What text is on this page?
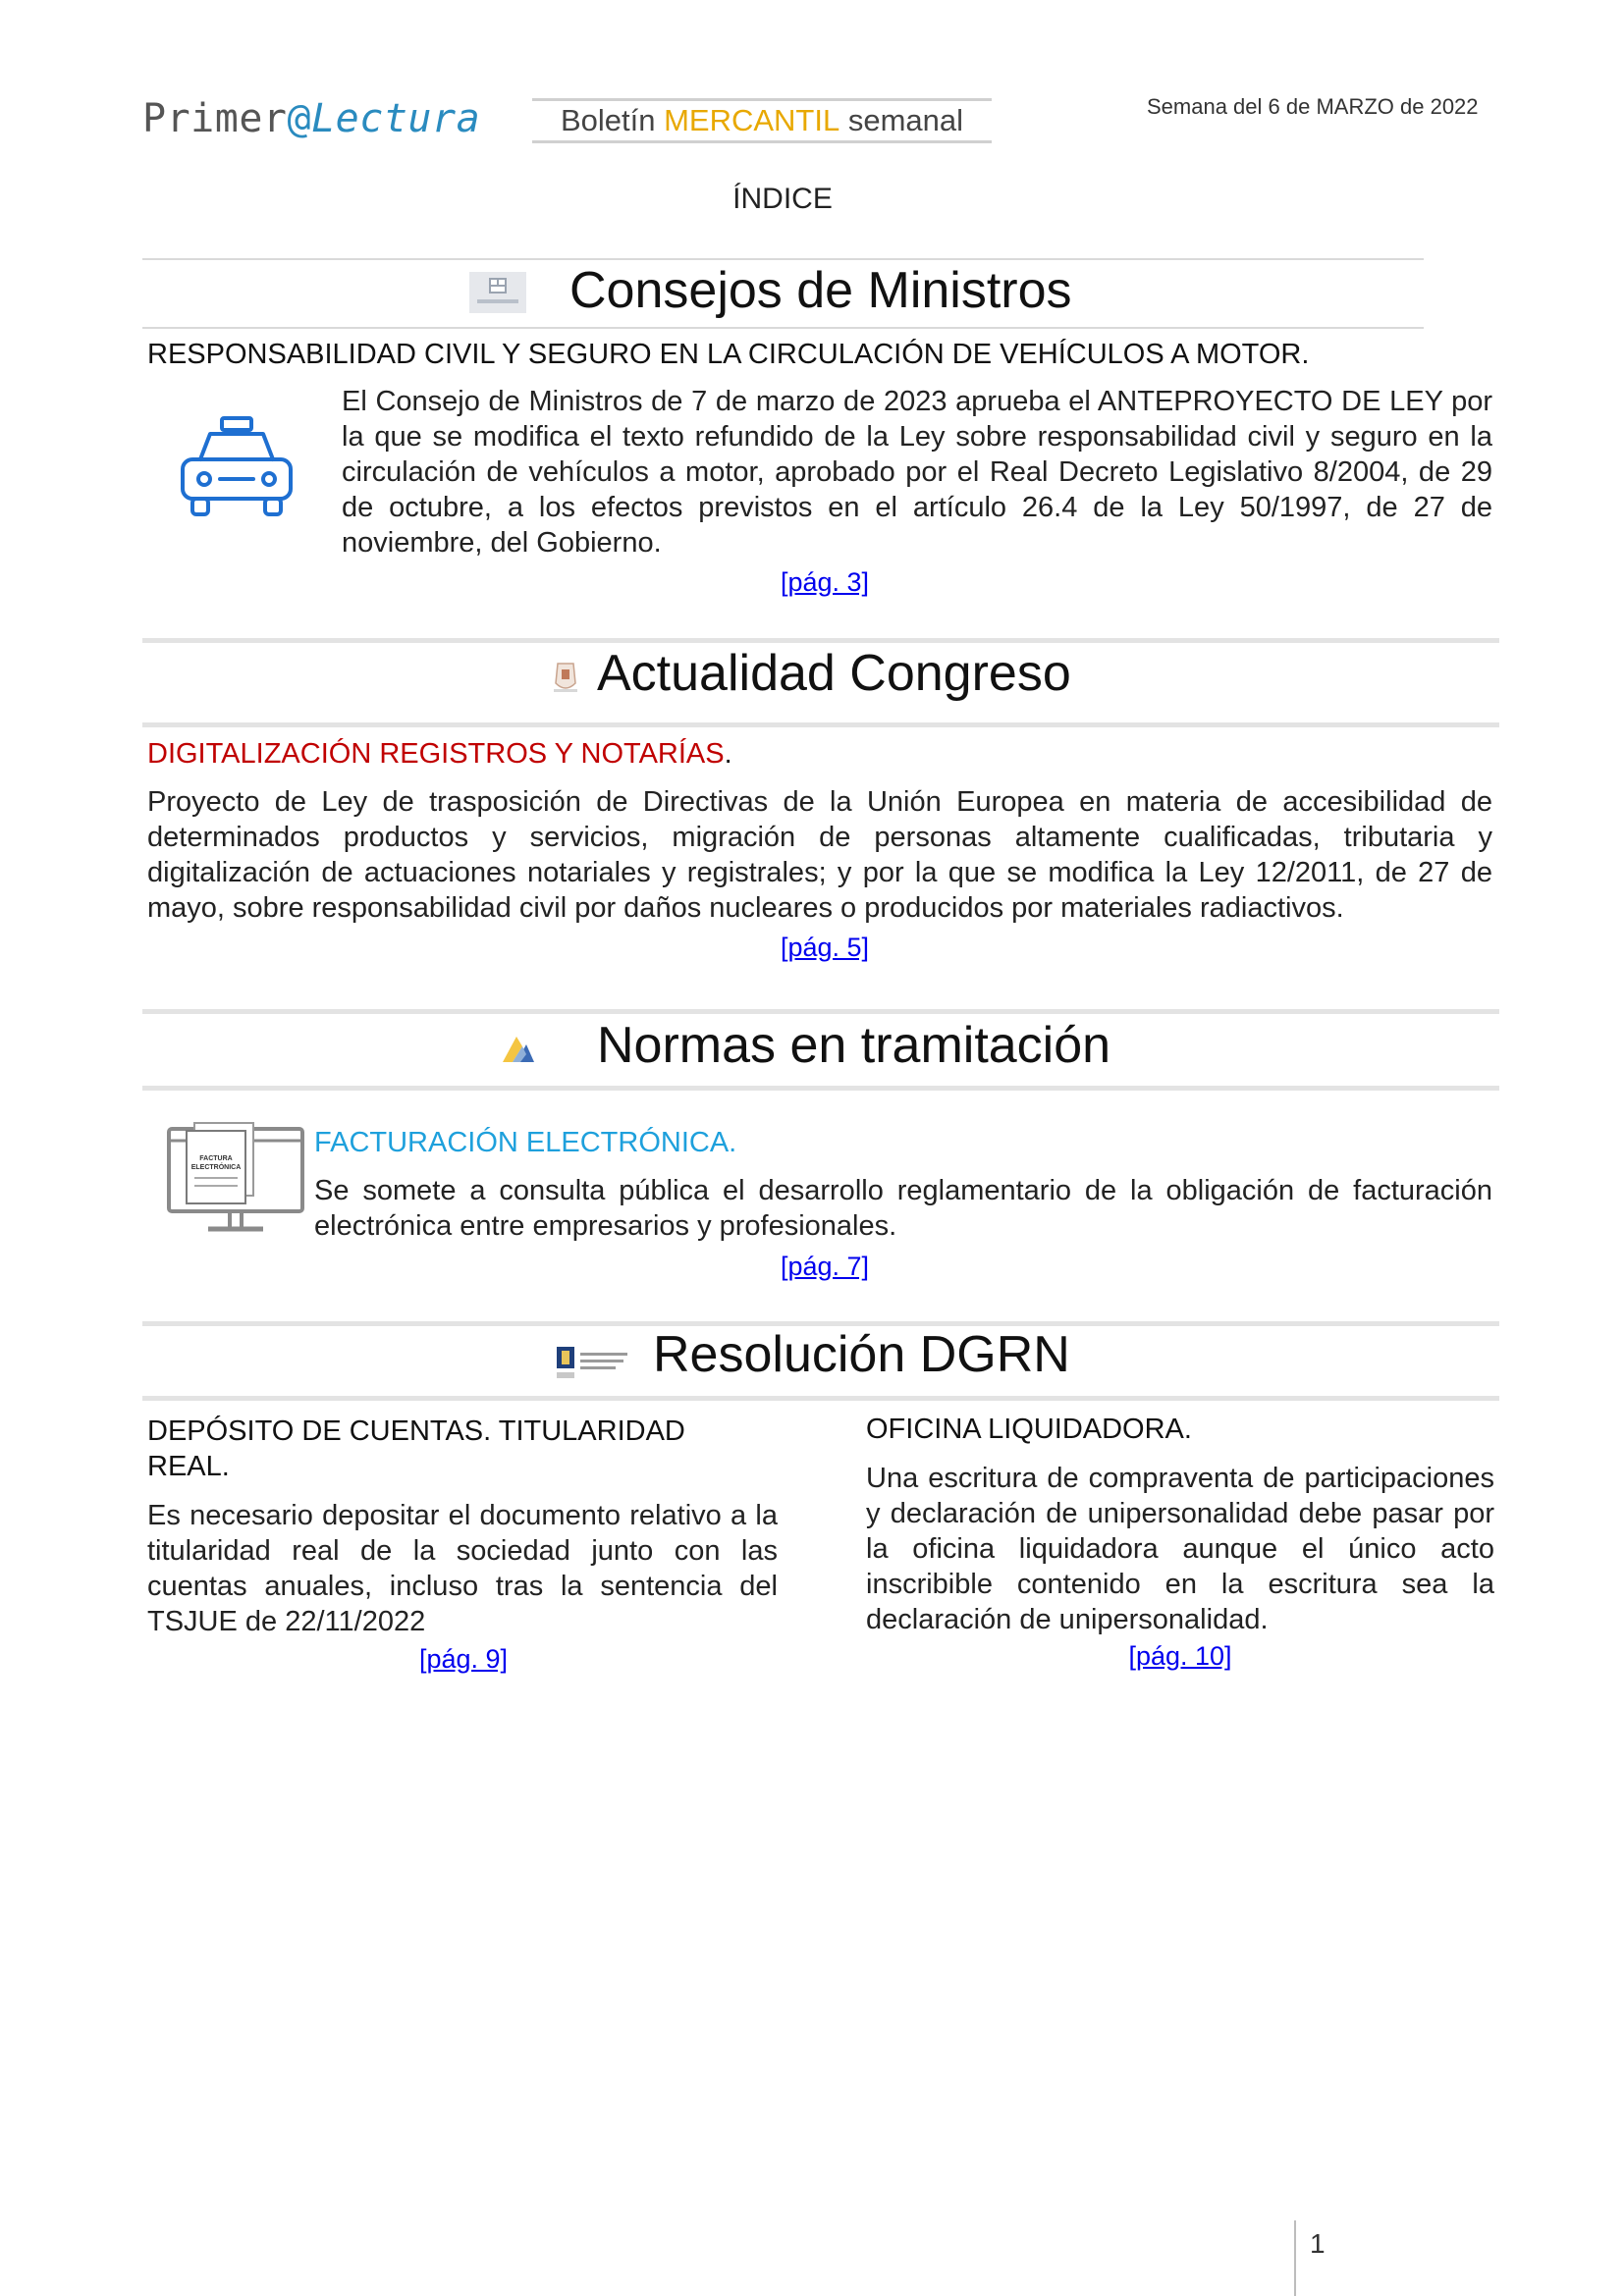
Primer@Lectura	Boletín MERCANTIL semanal	Semana del 6 de MARZO de 2022
ÍNDICE
Consejos de Ministros
RESPONSABILIDAD CIVIL Y SEGURO EN LA CIRCULACIÓN DE VEHÍCULOS A MOTOR.
El Consejo de Ministros de 7 de marzo de 2023 aprueba el ANTEPROYECTO DE LEY por la que se modifica el texto refundido de la Ley sobre responsabilidad civil y seguro en la circulación de vehículos a motor, aprobado por el Real Decreto Legislativo 8/2004, de 29 de octubre, a los efectos previstos en el artículo 26.4 de la Ley 50/1997, de 27 de noviembre, del Gobierno.
[pág. 3]
Actualidad Congreso
DIGITALIZACIÓN REGISTROS Y NOTARÍAS.
Proyecto de Ley de trasposición de Directivas de la Unión Europea en materia de accesibilidad de determinados productos y servicios, migración de personas altamente cualificadas, tributaria y digitalización de actuaciones notariales y registrales; y por la que se modifica la Ley 12/2011, de 27 de mayo, sobre responsabilidad civil por daños nucleares o producidos por materiales radiactivos.
[pág. 5]
Normas en tramitación
FACTURA
ELECTRÓNICA
FACTURACIÓN ELECTRÓNICA.
Se somete a consulta pública el desarrollo reglamentario de la obligación de facturación electrónica entre empresarios y profesionales.
[pág. 7]
Resolución DGRN
DEPÓSITO DE CUENTAS. TITULARIDAD REAL.
Es necesario depositar el documento relativo a la titularidad real de la sociedad junto con las cuentas anuales, incluso tras la sentencia del TSJUE de 22/11/2022
[pág. 9]
OFICINA LIQUIDADORA.
Una escritura de compraventa de participaciones y declaración de unipersonalidad debe pasar por la oficina liquidadora aunque el único acto inscribible contenido en la escritura sea la declaración de unipersonalidad.
[pág. 10]
1
